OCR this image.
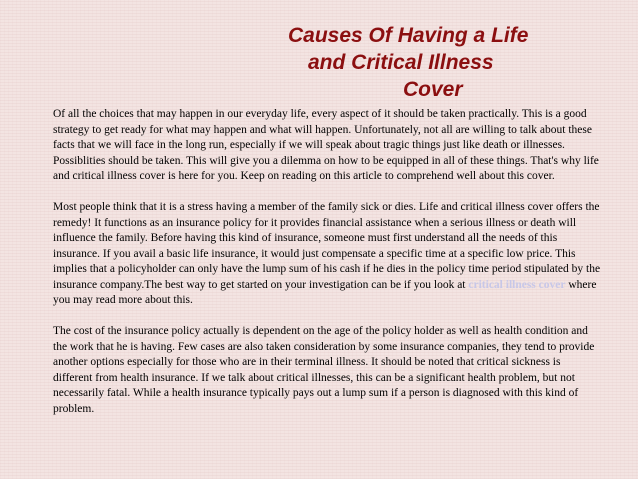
Causes Of Having a Life
and Critical Illness
Cover

Of all the choices that may happen in our everyday life, every aspect of it should be taken practically. This is a good strategy to get ready for what may happen and what will happen. Unfortunately, not all are willing to talk about these facts that we will face in the long run, especially if we will speak about tragic things just like death or illnesses. Possiblities should be taken. This will give you a dilemma on how to be equipped in all of these things. That's why life and critical illness cover is here for you. Keep on reading on this article to comprehend well about this cover.

Most people think that it is a stress having a member of the family sick or dies. Life and critical illness cover offers the remedy! It functions as an insurance policy for it provides financial assistance when a serious illness or death will influence the family. Before having this kind of insurance, someone must first understand all the needs of this insurance. If you avail a basic life insurance, it would just compensate a specific time at a specific low price. This implies that a policyholder can only have the lump sum of his cash if he dies in the policy time period stipulated by the insurance company.The best way to get started on your investigation can be if you look at critical illness cover where you may read more about this.

The cost of the insurance policy actually is dependent on the age of the policy holder as well as health condition and the work that he is having. Few cases are also taken consideration by some insurance companies, they tend to provide another options especially for those who are in their terminal illness. It should be noted that critical sickness is different from health insurance. If we talk about critical illnesses, this can be a significant health problem, but not necessarily fatal. While a health insurance typically pays out a lump sum if a person is diagnosed with this kind of problem.
